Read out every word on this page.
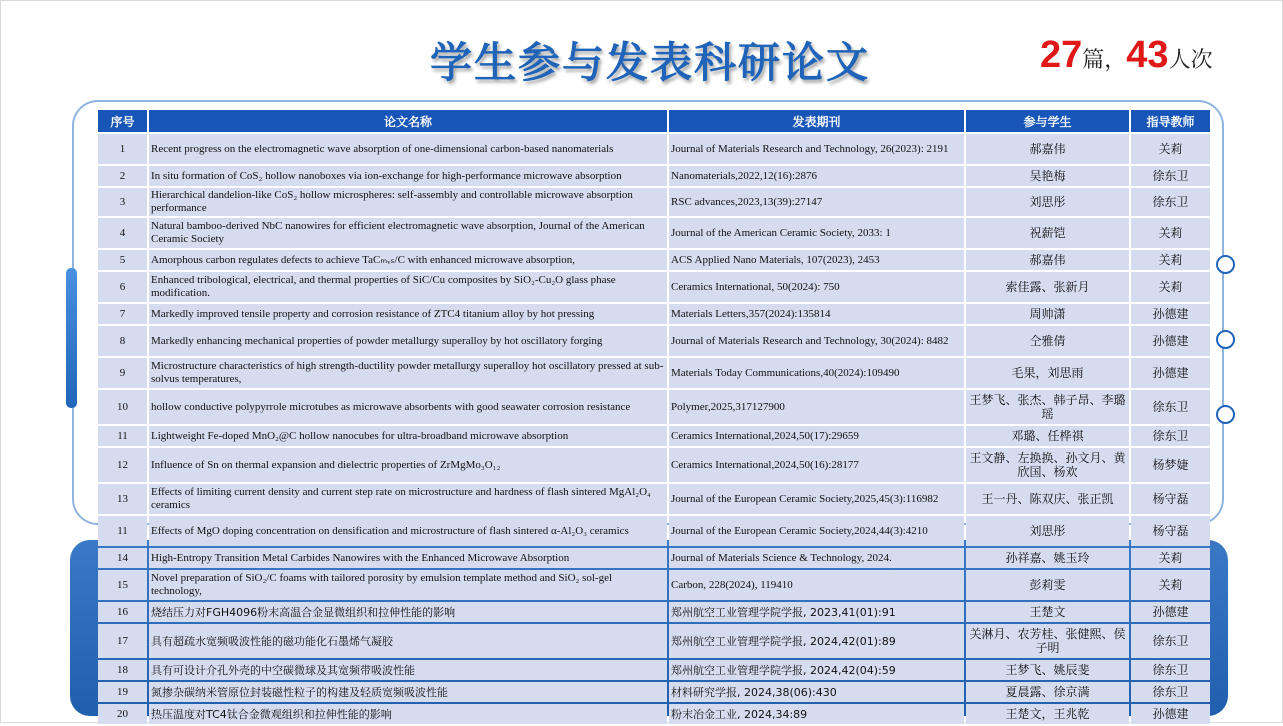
学生参与发表科研论文	27篇，43人次
序号	论文名称	发表期刊	参与学生	指导教师
1	Recent progress on the electromagnetic wave absorption of one-dimensional carbon-based nanomaterials	Journal of Materials Research and Technology, 26(2023): 2191	郝嘉伟	关莉
2	In situ formation of CoS₂ hollow nanoboxes via ion-exchange for high-performance microwave absorption	Nanomaterials,2022,12(16):2876	吴艳梅	徐东卫
3	Hierarchical dandelion-like CoS₂ hollow microspheres: self-assembly and controllable microwave absorption performance	RSC advances,2023,13(39):27147	刘思彤	徐东卫
4	Natural bamboo-derived NbC nanowires for efficient electromagnetic wave absorption, Journal of the American Ceramic Society	Journal of the American Ceramic Society, 2033: 1	祝薪铠	关莉
5	Amorphous carbon regulates defects to achieve TaCₘᵥₛ/C with enhanced microwave absorption,	ACS Applied Nano Materials, 107(2023), 2453	郝嘉伟	关莉
6	Enhanced tribological, electrical, and thermal properties of SiC/Cu composites by SiO₂-Cu₂O glass phase modification.	Ceramics International, 50(2024): 750	索佳露、张新月	关莉
7	Markedly improved tensile property and corrosion resistance of ZTC4 titanium alloy by hot pressing	Materials Letters,357(2024):135814	周帅潇	孙德建
8	Markedly enhancing mechanical properties of powder metallurgy superalloy by hot oscillatory forging	Journal of Materials Research and Technology, 30(2024): 8482	仝雅倩	孙德建
9	Microstructure characteristics of high strength-ductility powder metallurgy superalloy hot oscillatory pressed at sub-solvus temperatures,	Materials Today Communications,40(2024):109490	毛果，刘思雨	孙德建
10	hollow conductive polypyrrole microtubes as microwave absorbents with good seawater corrosion resistance	Polymer,2025,317127900	王梦飞、张杰、韩子昂、李璐瑶	徐东卫
11	Lightweight Fe-doped MnO₂@C hollow nanocubes for ultra-broadband microwave absorption	Ceramics International,2024,50(17):29659	邓璐、任桦祺	徐东卫
12	Influence of Sn on thermal expansion and dielectric properties of ZrMgMo₃O₁₂	Ceramics International,2024,50(16):28177	王文静、左换换、孙文月、黄欣国、杨欢	杨梦婕
13	Effects of limiting current density and current step rate on microstructure and hardness of flash sintered MgAl₂O₄ ceramics	Journal of the European Ceramic Society,2025,45(3):116982	王一丹、陈双庆、张正凯	杨守磊
11	Effects of MgO doping concentration on densification and microstructure of flash sintered α-Al₂O₃ ceramics	Journal of the European Ceramic Society,2024,44(3):4210	刘思彤	杨守磊
14	High-Entropy Transition Metal Carbides Nanowires with the Enhanced Microwave Absorption	Journal of Materials Science & Technology, 2024.	孙祥嘉、姚玉玲	关莉
15	Novel preparation of SiO₂/C foams with tailored porosity by emulsion template method and SiO₂ sol-gel technology,	Carbon, 228(2024), 119410	彭莉雯	关莉
16	烧结压力对FGH4096粉末高温合金显微组织和拉伸性能的影响	郑州航空工业管理学院学报, 2023,41(01):91	王楚文	孙德建
17	具有超疏水宽频吸波性能的磁功能化石墨烯气凝胶	郑州航空工业管理学院学报, 2024,42(01):89	关淋月、农芳桂、张健熙、侯子明	徐东卫
18	具有可设计介孔外壳的中空碳微球及其宽频带吸波性能	郑州航空工业管理学院学报, 2024,42(04):59	王梦飞、姚辰斐	徐东卫
19	氮掺杂碳纳米管原位封装磁性粒子的构建及轻质宽频吸波性能	材料研究学报, 2024,38(06):430	夏晨露、徐京满	徐东卫
20	热压温度对TC4钛合金微观组织和拉伸性能的影响	粉末冶金工业, 2024,34:89	王楚文，王兆乾	孙德建
